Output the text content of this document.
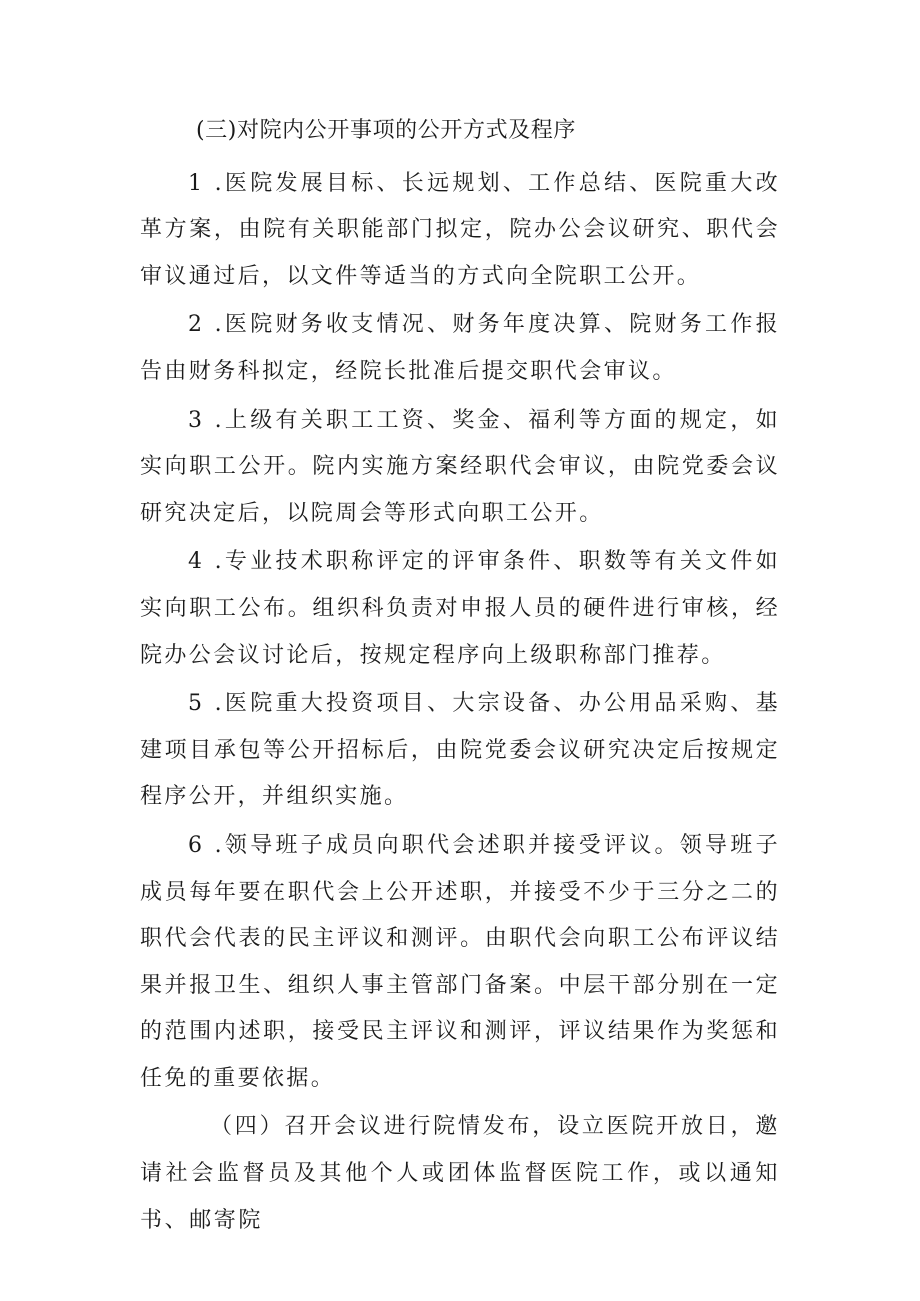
(三)对院内公开事项的公开方式及程序

1 .医院发展目标、长远规划、工作总结、医院重大改革方案，由院有关职能部门拟定，院办公会议研究、职代会审议通过后，以文件等适当的方式向全院职工公开。

2 .医院财务收支情况、财务年度决算、院财务工作报告由财务科拟定，经院长批准后提交职代会审议。

3 .上级有关职工工资、奖金、福利等方面的规定，如实向职工公开。院内实施方案经职代会审议，由院党委会议研究决定后，以院周会等形式向职工公开。

4 .专业技术职称评定的评审条件、职数等有关文件如实向职工公布。组织科负责对申报人员的硬件进行审核，经院办公会议讨论后，按规定程序向上级职称部门推荐。

5 .医院重大投资项目、大宗设备、办公用品采购、基建项目承包等公开招标后，由院党委会议研究决定后按规定程序公开，并组织实施。

6 .领导班子成员向职代会述职并接受评议。领导班子成员每年要在职代会上公开述职，并接受不少于三分之二的职代会代表的民主评议和测评。由职代会向职工公布评议结果并报卫生、组织人事主管部门备案。中层干部分别在一定的范围内述职，接受民主评议和测评，评议结果作为奖惩和任免的重要依据。

（四）召开会议进行院情发布，设立医院开放日，邀请社会监督员及其他个人或团体监督医院工作，或以通知书、邮寄院
